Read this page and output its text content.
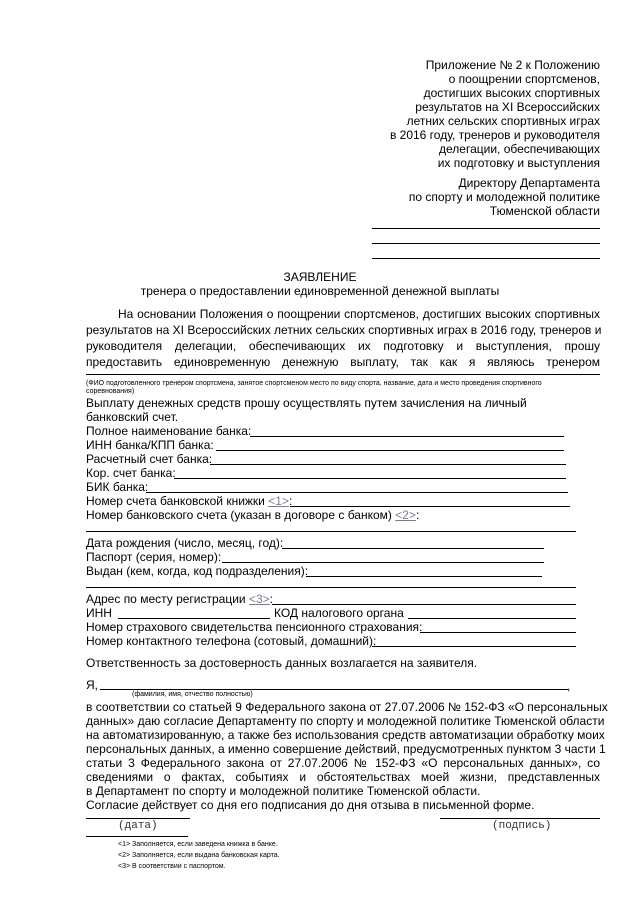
Приложение № 2 к Положению
о поощрении спортсменов,
достигших высоких спортивных
результатов на XI Всероссийских
летних сельских спортивных играх
в 2016 году, тренеров и руководителя
делегации, обеспечивающих
их подготовку и выступления
Директору Департамента
по спорту и молодежной политике
Тюменской области
ЗАЯВЛЕНИЕ
тренера о предоставлении единовременной денежной выплаты
На основании Положения о поощрении спортсменов, достигших высоких спортивных
результатов на XI Всероссийских летних сельских спортивных играх в 2016 году, тренеров и
руководителя делегации, обеспечивающих их подготовку и выступления, прошу
предоставить единовременную денежную выплату, так как я являюсь тренером
(ФИО подготовленного тренером спортсмена, занятое спортсменом место по виду спорта, название, дата и место проведения спортивного
соревнования)
Выплату денежных средств прошу осуществлять путем зачисления на личный
банковский счет.
Полное наименование банка:
ИНН банка/КПП банка:
Расчетный счет банка:
Кор. счет банка:
БИК банка:
Номер счета банковской книжки <1>:
Номер банковского счета (указан в договоре с банком) <2>:
Дата рождения (число, месяц, год):
Паспорт (серия, номер):
Выдан (кем, когда, код подразделения):
Адрес по месту регистрации <3>:
ИНН	КОД налогового органа
Номер страхового свидетельства пенсионного страхования:
Номер контактного телефона (сотовый, домашний):
Ответственность за достоверность данных возлагается на заявителя.
Я,	,
(фамилия, имя, отчество полностью)
в соответствии со статьей 9 Федерального закона от 27.07.2006 № 152-ФЗ «О персональных
данных» даю согласие Департаменту по спорту и молодежной политике Тюменской области
на автоматизированную, а также без использования средств автоматизации обработку моих
персональных данных, а именно совершение действий, предусмотренных пунктом 3 части 1
статьи 3 Федерального закона от 27.07.2006 № 152-ФЗ «О персональных данных», со
сведениями о фактах, событиях и обстоятельствах моей жизни, представленных
в Департамент по спорту и молодежной политике Тюменской области.
Согласие действует со дня его подписания до дня отзыва в письменной форме.
(дата)	(подпись)
<1> Заполняется, если заведена книжка в банке.
<2> Заполняется, если выдана банковская карта.
<3> В соответствии с паспортом.
